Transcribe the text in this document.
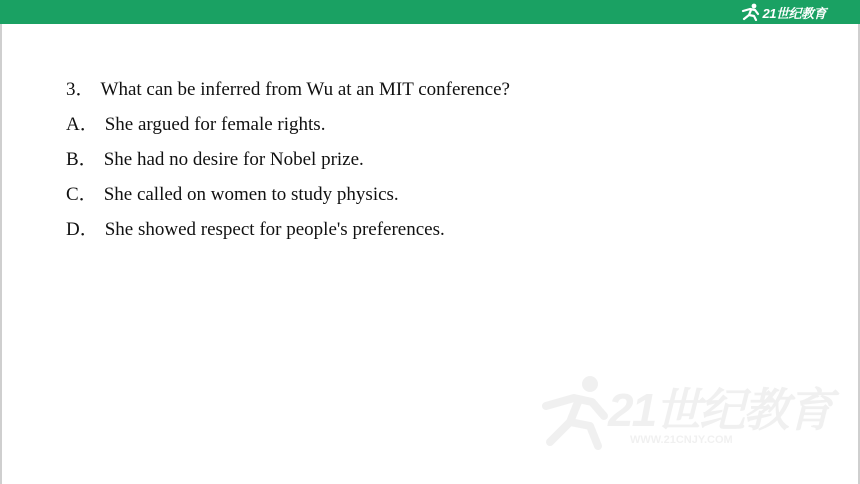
21世纪教育
3． What can be inferred from Wu at an MIT conference?
A． She argued for female rights.
B． She had no desire for Nobel prize.
C． She called on women to study physics.
D． She showed respect for people's preferences.
21世纪教育
WWW.21CNJY.COM
